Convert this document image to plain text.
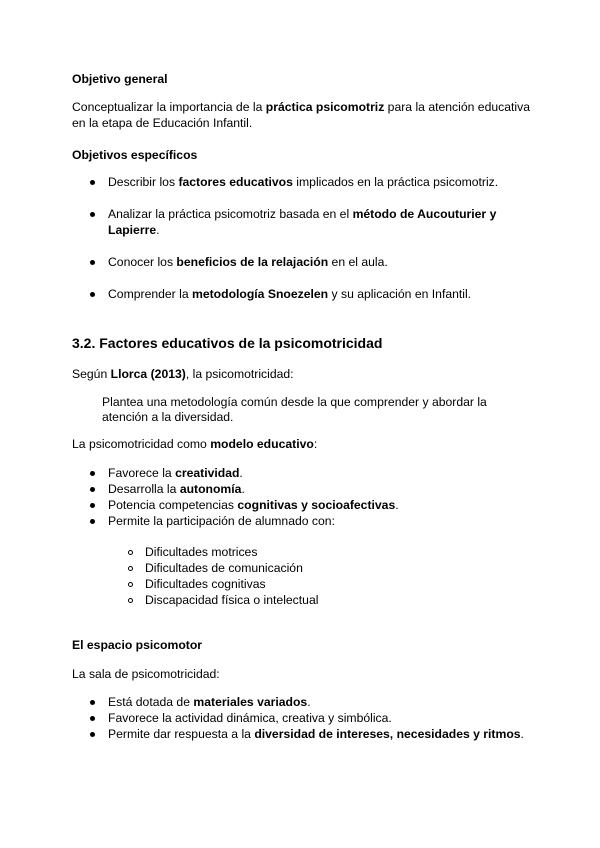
Objetivo general
Conceptualizar la importancia de la práctica psicomotriz para la atención educativa
en la etapa de Educación Infantil.
Objetivos específicos
Describir los factores educativos implicados en la práctica psicomotriz.
Analizar la práctica psicomotriz basada en el método de Aucouturier y
Lapierre.
Conocer los beneficios de la relajación en el aula.
Comprender la metodología Snoezelen y su aplicación en Infantil.
3.2. Factores educativos de la psicomotricidad
Según Llorca (2013), la psicomotricidad:
Plantea una metodología común desde la que comprender y abordar la
atención a la diversidad.
La psicomotricidad como modelo educativo:
Favorece la creatividad.
Desarrolla la autonomía.
Potencia competencias cognitivas y socioafectivas.
Permite la participación de alumnado con:
Dificultades motrices
Dificultades de comunicación
Dificultades cognitivas
Discapacidad física o intelectual
El espacio psicomotor
La sala de psicomotricidad:
Está dotada de materiales variados.
Favorece la actividad dinámica, creativa y simbólica.
Permite dar respuesta a la diversidad de intereses, necesidades y ritmos.
